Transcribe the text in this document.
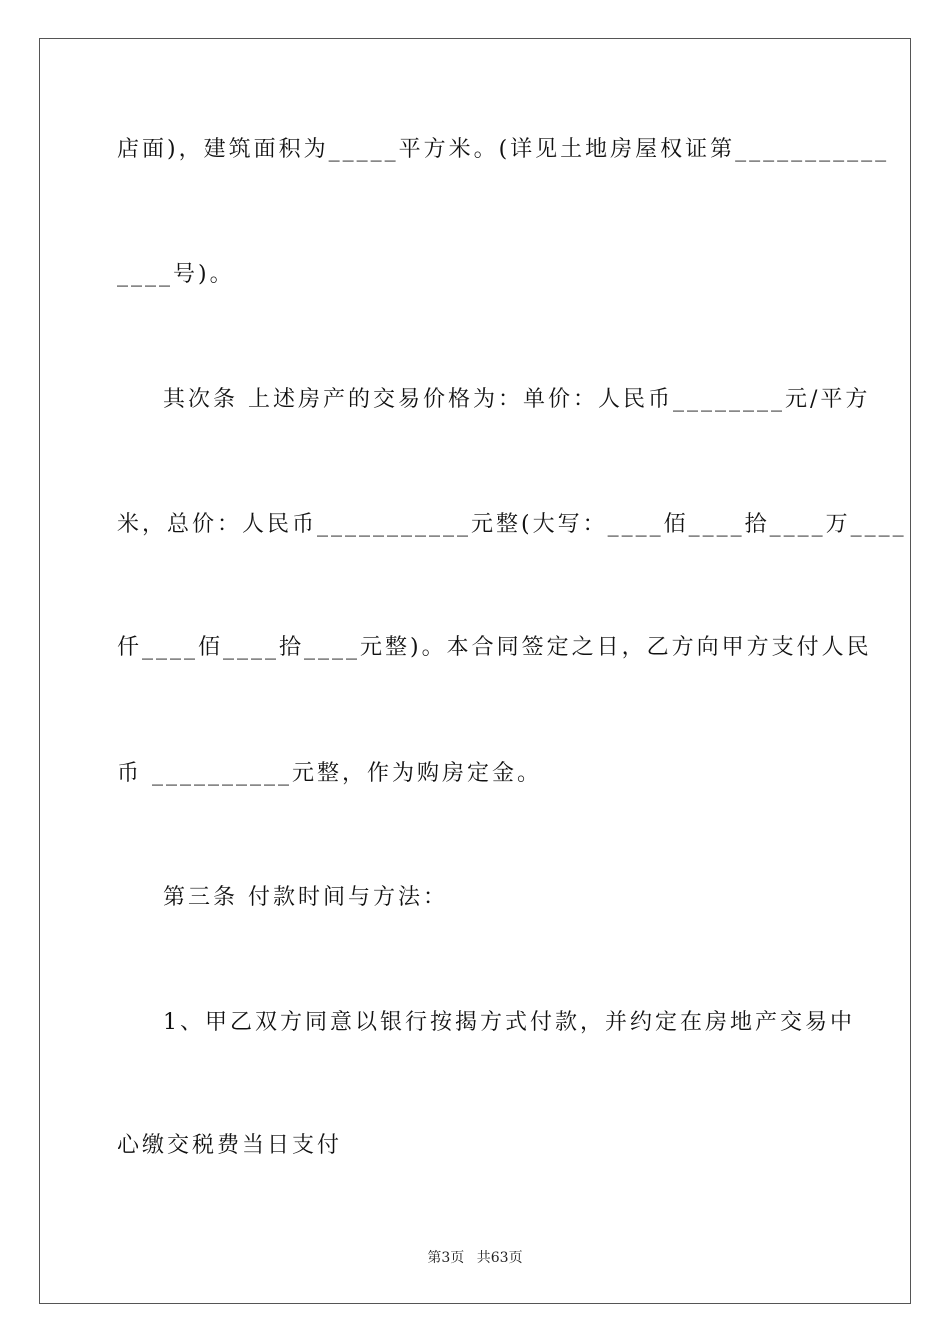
店面)，建筑面积为_____平方米。(详见土地房屋权证第___________
____号)。
其次条 上述房产的交易价格为：单价：人民币________元/平方
米，总价：人民币___________元整(大写：____佰____拾____万____
仟____佰____拾____元整)。本合同签定之日，乙方向甲方支付人民
币 __________元整，作为购房定金。
第三条 付款时间与方法：
1、甲乙双方同意以银行按揭方式付款，并约定在房地产交易中
心缴交税费当日支付
第3页 共63页
